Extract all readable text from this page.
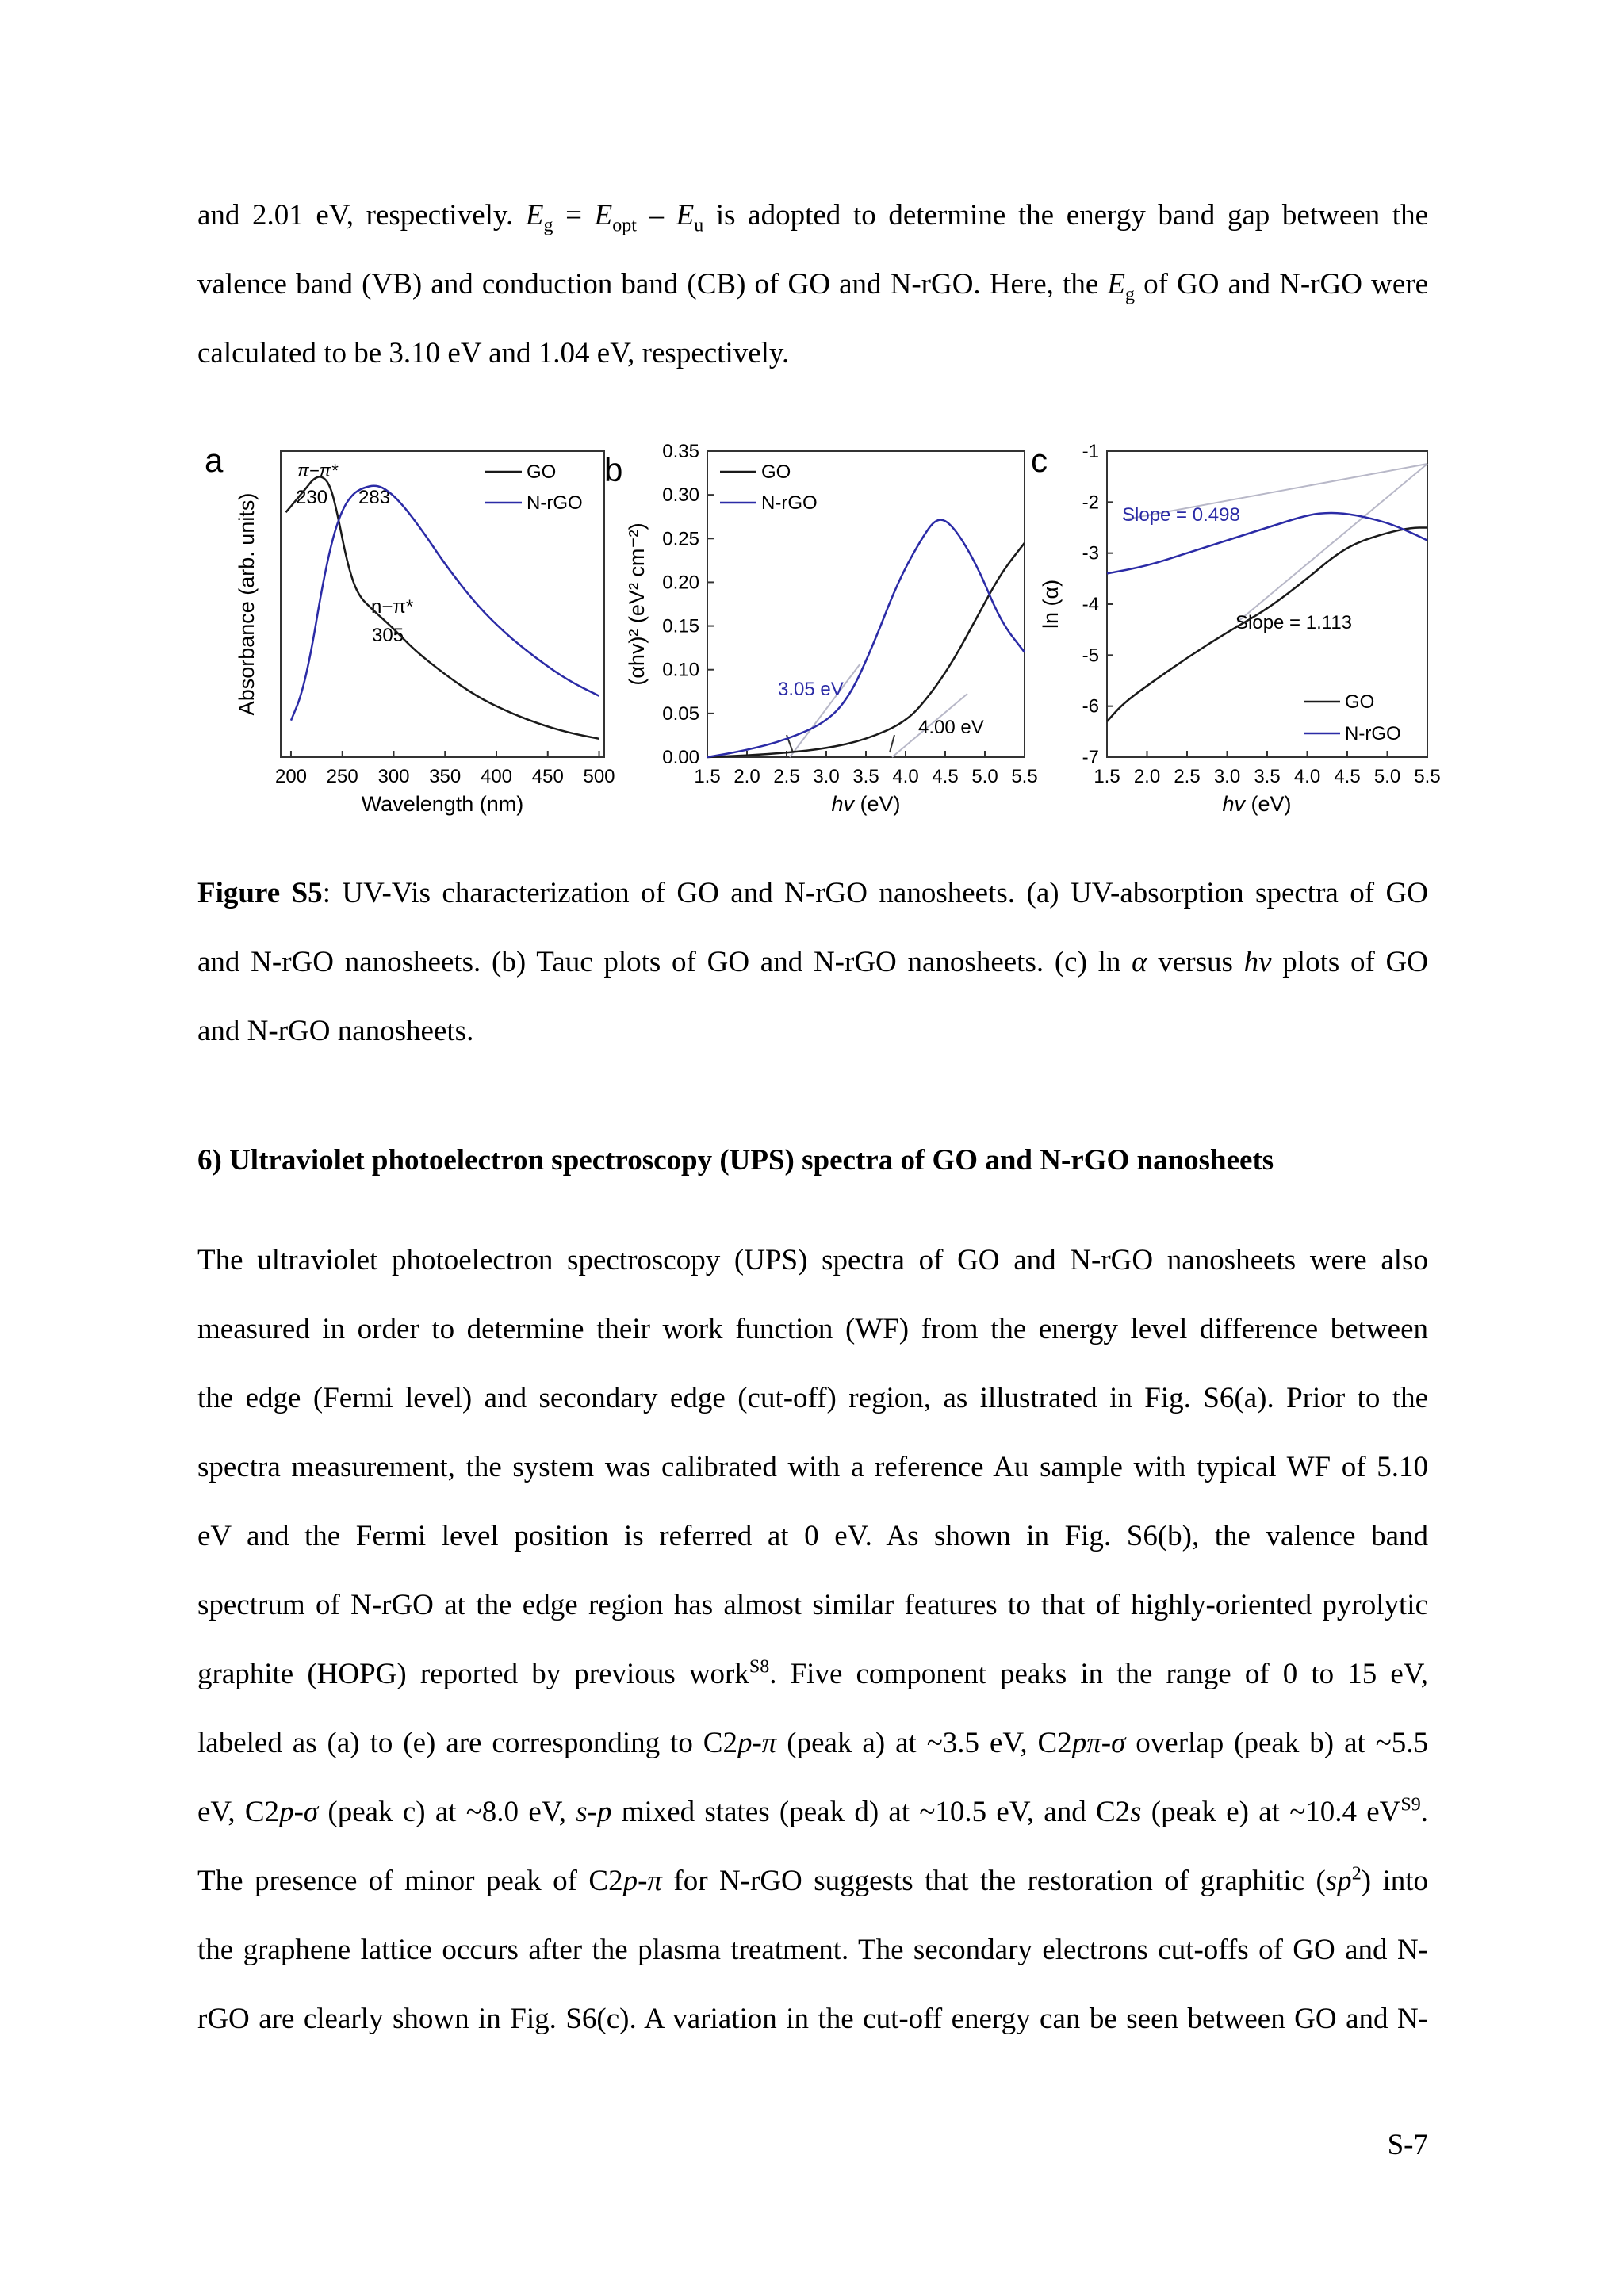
and 2.01 eV, respectively. $E_g = E_{opt} - E_u$ is adopted to determine the energy band gap between the
valence band (VB) and conduction band (CB) of GO and N-rGO. Here, the $E_g$ of GO and N-rGO were
calculated to be 3.10 eV and 1.04 eV, respectively.
a
Absorbance (arb. units)
Wavelength (nm)
200 250 300 350 400 450 500
π−π*
230 283
n−π*
305
GO
N-rGO
b
(αhv)² (eV² cm⁻²)
hv (eV)
1.5 2.0 2.5 3.0 3.5 4.0 4.5 5.0 5.5
0.00
0.05
0.10
0.15
0.20
0.25
0.30
0.35
GO
N-rGO
3.05 eV
4.00 eV
c
ln (α)
hv (eV)
1.5 2.0 2.5 3.0 3.5 4.0 4.5 5.0 5.5
-7
-6
-5
-4
-3
-2
-1
Slope = 0.498
Slope = 1.113
GO
N-rGO
Figure S5: UV-Vis characterization of GO and N-rGO nanosheets. (a) UV-absorption spectra of GO
and N-rGO nanosheets. (b) Tauc plots of GO and N-rGO nanosheets. (c) ln α versus hv plots of GO
and N-rGO nanosheets.

6) Ultraviolet photoelectron spectroscopy (UPS) spectra of GO and N-rGO nanosheets

The ultraviolet photoelectron spectroscopy (UPS) spectra of GO and N-rGO nanosheets were also
measured in order to determine their work function (WF) from the energy level difference between
the edge (Fermi level) and secondary edge (cut-off) region, as illustrated in Fig. S6(a). Prior to the
spectra measurement, the system was calibrated with a reference Au sample with typical WF of 5.10
eV and the Fermi level position is referred at 0 eV. As shown in Fig. S6(b), the valence band
spectrum of N-rGO at the edge region has almost similar features to that of highly-oriented pyrolytic
graphite (HOPG) reported by previous work$^{S8}$. Five component peaks in the range of 0 to 15 eV,
labeled as (a) to (e) are corresponding to C2p-π (peak a) at ~3.5 eV, C2pπ-σ overlap (peak b) at ~5.5
eV, C2p-σ (peak c) at ~8.0 eV, s-p mixed states (peak d) at ~10.5 eV, and C2s (peak e) at ~10.4 $eV^{S9}$.
The presence of minor peak of C2p-π for N-rGO suggests that the restoration of graphitic $(sp^2)$ into
the graphene lattice occurs after the plasma treatment. The secondary electrons cut-offs of GO and N-
rGO are clearly shown in Fig. S6(c). A variation in the cut-off energy can be seen between GO and N-

S-7
